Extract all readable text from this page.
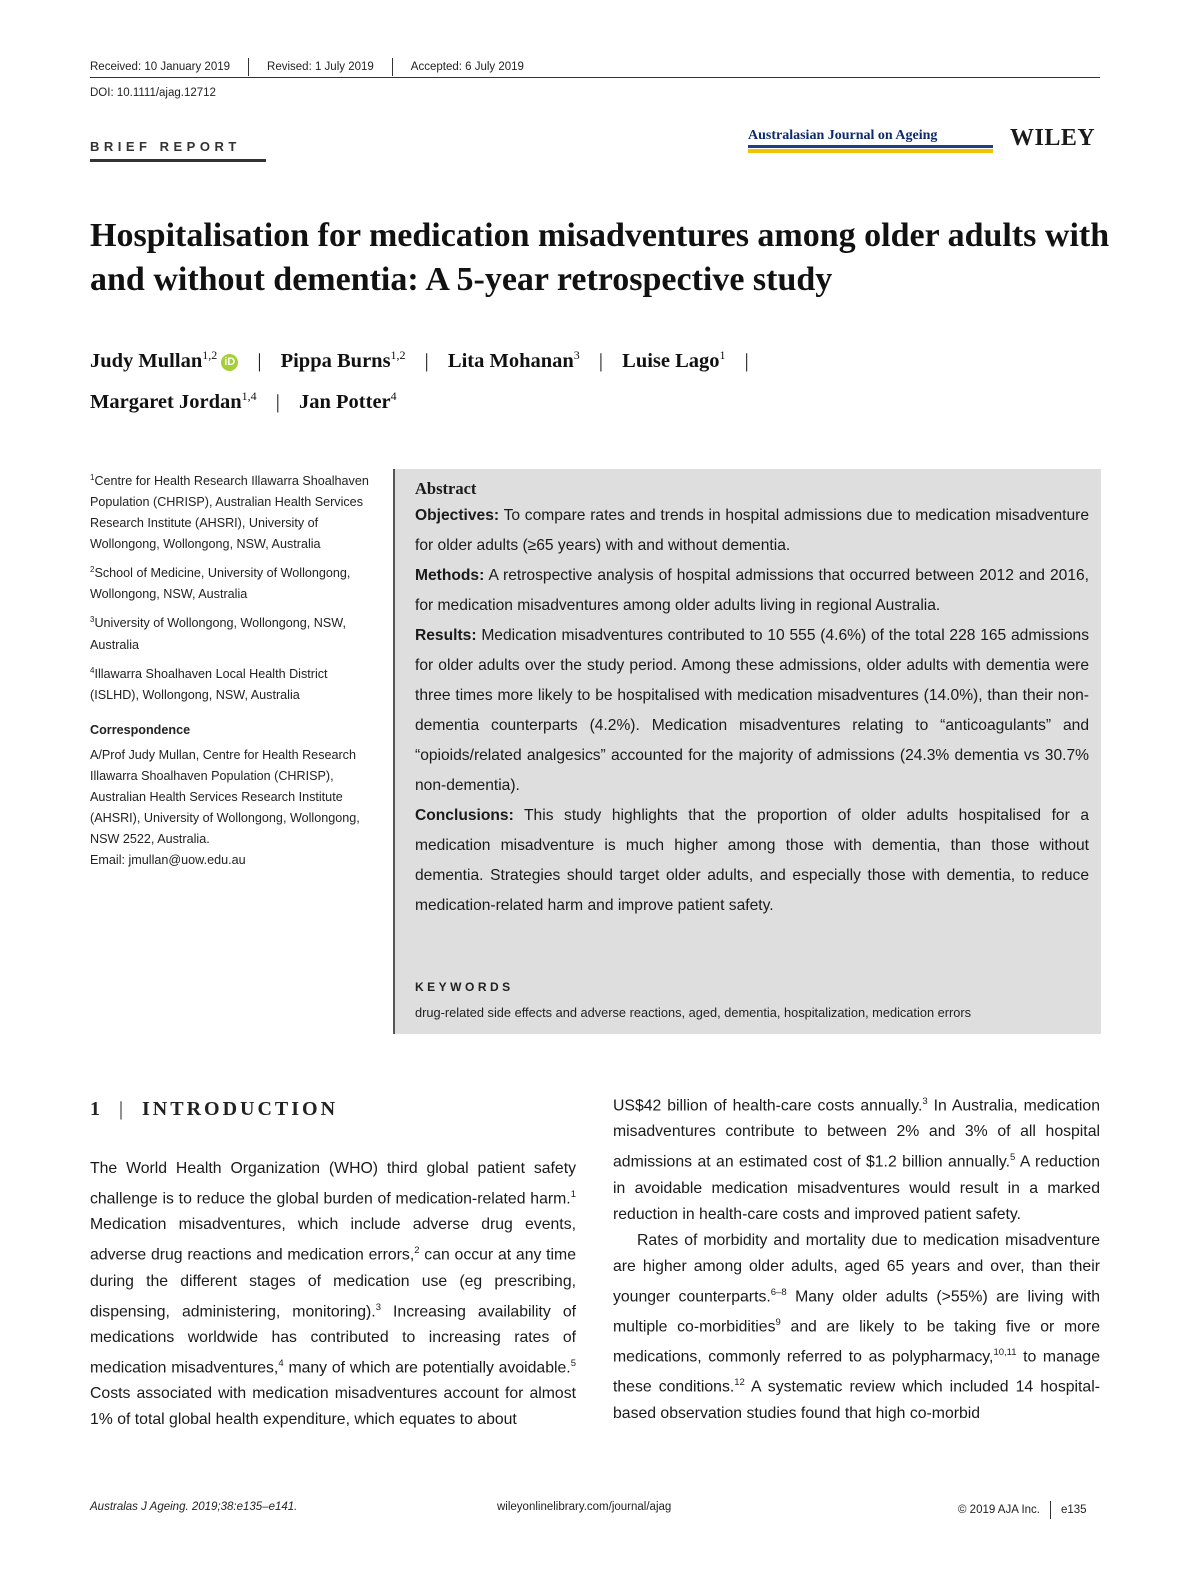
Received: 10 January 2019	Revised: 1 July 2019	Accepted: 6 July 2019
DOI: 10.1111/ajag.12712
BRIEF REPORT
Australasian Journal on Ageing	WILEY
Hospitalisation for medication misadventures among older adults with and without dementia: A 5-year retrospective study
Judy Mullan$^{1,2}$ iD | Pippa Burns$^{1,2}$ | Lita Mohanan$^3$ | Luise Lago$^1$ |
Margaret Jordan$^{1,4}$ | Jan Potter$^4$

$^1$Centre for Health Research Illawarra Shoalhaven Population (CHRISP), Australian Health Services Research Institute (AHSRI), University of Wollongong, Wollongong, NSW, Australia

$^2$School of Medicine, University of Wollongong, Wollongong, NSW, Australia

$^3$University of Wollongong, Wollongong, NSW, Australia

$^4$Illawarra Shoalhaven Local Health District (ISLHD), Wollongong, NSW, Australia

Correspondence

A/Prof Judy Mullan, Centre for Health Research Illawarra Shoalhaven Population (CHRISP), Australian Health Services Research Institute (AHSRI), University of Wollongong, Wollongong, NSW 2522, Australia.

Email: jmullan@uow.edu.au

Abstract

Objectives: To compare rates and trends in hospital admissions due to medication misadventure for older adults (≥65 years) with and without dementia.

Methods: A retrospective analysis of hospital admissions that occurred between 2012 and 2016, for medication misadventures among older adults living in regional Australia.

Results: Medication misadventures contributed to 10 555 (4.6%) of the total 228 165 admissions for older adults over the study period. Among these admissions, older adults with dementia were three times more likely to be hospitalised with medication misadventures (14.0%), than their non-dementia counterparts (4.2%). Medication misadventures relating to “anticoagulants” and “opioids/related analgesics” accounted for the majority of admissions (24.3% dementia vs 30.7% non-dementia).

Conclusions: This study highlights that the proportion of older adults hospitalised for a medication misadventure is much higher among those with dementia, than those without dementia. Strategies should target older adults, and especially those with dementia, to reduce medication-related harm and improve patient safety.

KEYWORDS
drug-related side effects and adverse reactions, aged, dementia, hospitalization, medication errors
1 | INTRODUCTION

The World Health Organization (WHO) third global patient safety challenge is to reduce the global burden of medication-related harm.$^1$ Medication misadventures, which include adverse drug events, adverse drug reactions and medication errors,$^2$ can occur at any time during the different stages of medication use (eg prescribing, dispensing, administering, monitoring).$^3$ Increasing availability of medications worldwide has contributed to increasing rates of medication misadventures,$^4$ many of which are potentially avoidable.$^5$ Costs associated with medication misadventures account for almost 1% of total global health expenditure, which equates to about

US$42 billion of health-care costs annually.$^3$ In Australia, medication misadventures contribute to between 2% and 3% of all hospital admissions at an estimated cost of $1.2 billion annually.$^5$ A reduction in avoidable medication misadventures would result in a marked reduction in health-care costs and improved patient safety.

Rates of morbidity and mortality due to medication misadventure are higher among older adults, aged 65 years and over, than their younger counterparts.$^{6-8}$ Many older adults (>55%) are living with multiple co-morbidities$^9$ and are likely to be taking five or more medications, commonly referred to as polypharmacy,$^{10,11}$ to manage these conditions.$^{12}$ A systematic review which included 14 hospital-based observation studies found that high co-morbid

Australas J Ageing. 2019;38:e135–e141.	wileyonlinelibrary.com/journal/ajag	© 2019 AJA Inc. e135
